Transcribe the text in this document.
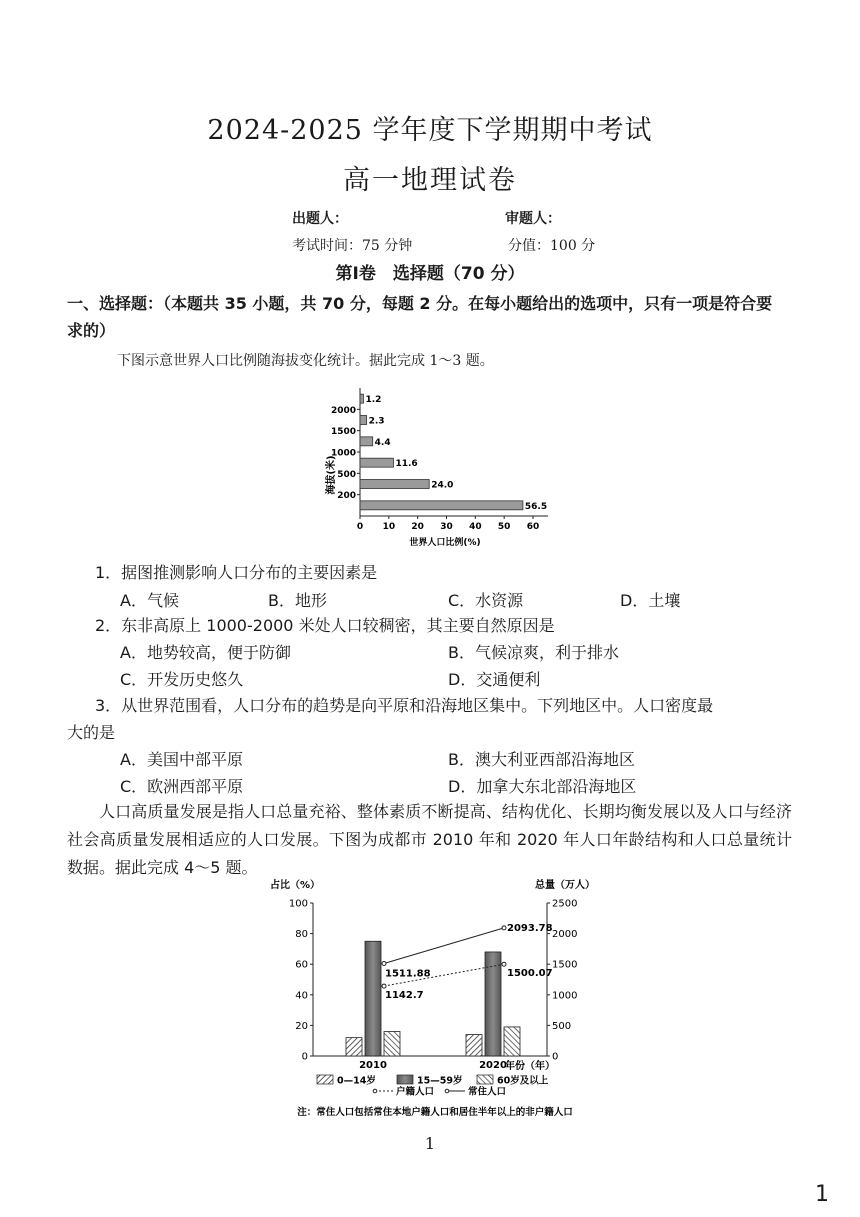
2024-2025 学年度下学期期中考试
高一地理试卷
出题人：	审题人：
考试时间：75 分钟	分值：100 分
第I卷　选择题（70 分）
一、选择题：（本题共 35 小题，共 70 分，每题 2 分。在每小题给出的选项中，只有一项是符合要求的）
下图示意世界人口比例随海拔变化统计。据此完成 1～3 题。
海拔(米)
世界人口比例(%)
56.5
24.0
11.6
4.4
2.3
1.2
200
500
1000
1500
2000
0 10 20 30 40 50 60
1．据图推测影响人口分布的主要因素是
A．气候	B．地形	C．水资源	D．土壤
2．东非高原上 1000-2000 米处人口较稠密，其主要自然原因是
A．地势较高，便于防御	B．气候凉爽，利于排水
C．开发历史悠久	D．交通便利
3．从世界范围看，人口分布的趋势是向平原和沿海地区集中。下列地区中。人口密度最
大的是
A．美国中部平原	B．澳大利亚西部沿海地区
C．欧洲西部平原	D．加拿大东北部沿海地区
人口高质量发展是指人口总量充裕、整体素质不断提高、结构优化、长期均衡发展以及人口与经济社会高质量发展相适应的人口发展。下图为成都市 2010 年和 2020 年人口年龄结构和人口总量统计数据。据此完成 4～5 题。
占比（%）	总量（万人）
年份（年）
注：常住人口包括常住本地户籍人口和居住半年以上的非户籍人口
0
20
40
60
80
100
0
500
1000
1500
2000
2500
2010	2020
1142.7
1500.07
1511.88
2093.78
0—14岁	15—59岁	60岁及以上
户籍人口	常住人口
1
1
